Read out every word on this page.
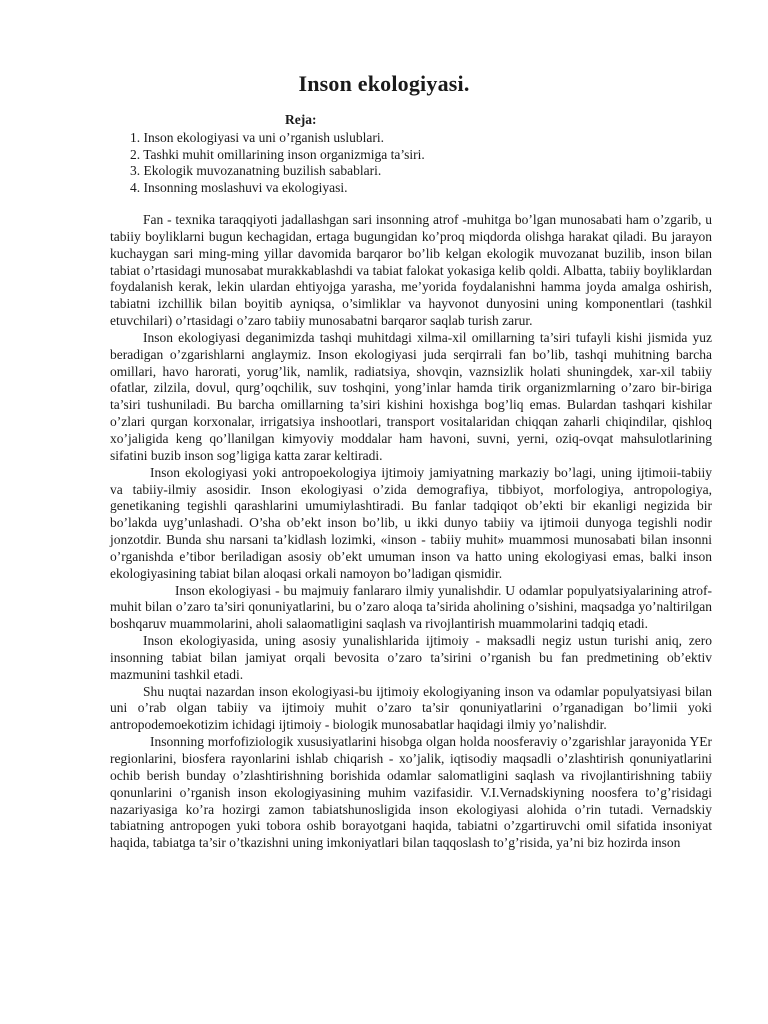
Inson ekologiyasi.
Reja:
1. Inson ekologiyasi va uni o’rganish uslublari.
2. Tashki muhit omillarining inson organizmiga ta’siri.
3. Ekologik muvozanatning buzilish sabablari.
4. Insonning moslashuvi va ekologiyasi.

Fan - texnika taraqqiyoti jadallashgan sari insonning atrof -muhitga bo’lgan munosabati ham o’zgarib, u tabiiy boyliklarni bugun kechagidan, ertaga bugungidan ko’proq miqdorda olishga harakat qiladi. Bu jarayon kuchaygan sari ming-ming yillar davomida barqaror bo’lib kelgan ekologik muvozanat buzilib, inson bilan tabiat o’rtasidagi munosabat murakkablashdi va tabiat falokat yokasiga kelib qoldi. Albatta, tabiiy boyliklardan foydalanish kerak, lekin ulardan ehtiyojga yarasha, me’yorida foydalanishni hamma joyda amalga oshirish, tabiatni izchillik bilan boyitib ayniqsa, o’simliklar va hayvonot dunyosini uning komponentlari (tashkil etuvchilari) o’rtasidagi o’zaro tabiiy munosabatni barqaror saqlab turish zarur.

Inson ekologiyasi deganimizda tashqi muhitdagi xilma-xil omillarning ta’siri tufayli kishi jismida yuz beradigan o’zgarishlarni anglaymiz. Inson ekologiyasi juda serqirrali fan bo’lib, tashqi muhitning barcha omillari, havo harorati, yorug’lik, namlik, radiatsiya, shovqin, vaznsizlik holati shuningdek, xar-xil tabiiy ofatlar, zilzila, dovul, qurg’oqchilik, suv toshqini, yong’inlar hamda tirik organizmlarning o’zaro bir-biriga ta’siri tushuniladi. Bu barcha omillarning ta’siri kishini hoxishga bog’liq emas. Bulardan tashqari kishilar o’zlari qurgan korxonalar, irrigatsiya inshootlari, transport vositalaridan chiqqan zaharli chiqindilar, qishloq xo’jaligida keng qo’llanilgan kimyoviy moddalar ham havoni, suvni, yerni, oziq-ovqat mahsulotlarining sifatini buzib inson sog’ligiga katta zarar keltiradi.

Inson ekologiyasi yoki antropoekologiya ijtimoiy jamiyatning markaziy bo’lagi, uning ijtimoii-tabiiy va tabiiy-ilmiy asosidir. Inson ekologiyasi o’zida demografiya, tibbiyot, morfologiya, antropologiya, genetikaning tegishli qarashlarini umumiylashtiradi. Bu fanlar tadqiqot ob’ekti bir ekanligi negizida bir bo’lakda uyg’unlashadi. O’sha ob’ekt inson bo’lib, u ikki dunyo tabiiy va ijtimoii dunyoga tegishli nodir jonzotdir. Bunda shu narsani ta’kidlash lozimki, «inson - tabiiy muhit» muammosi munosabati bilan insonni o’rganishda e’tibor beriladigan asosiy ob’ekt umuman inson va hatto uning ekologiyasi emas, balki inson ekologiyasining tabiat bilan aloqasi orkali namoyon bo’ladigan qismidir.

Inson ekologiyasi - bu majmuiy fanlararo ilmiy yunalishdir. U odamlar populyatsiyalarining atrof-muhit bilan o’zaro ta’siri qonuniyatlarini, bu o’zaro aloqa ta’sirida aholining o’sishini, maqsadga yo’naltirilgan boshqaruv muammolarini, aholi salaomatligini saqlash va rivojlantirish muammolarini tadqiq etadi.

Inson ekologiyasida, uning asosiy yunalishlarida ijtimoiy - maksadli negiz ustun turishi aniq, zero insonning tabiat bilan jamiyat orqali bevosita o’zaro ta’sirini o’rganish bu fan predmetining ob’ektiv mazmunini tashkil etadi.

Shu nuqtai nazardan inson ekologiyasi-bu ijtimoiy ekologiyaning inson va odamlar populyatsiyasi bilan uni o’rab olgan tabiiy va ijtimoiy muhit o’zaro ta’sir qonuniyatlarini o’rganadigan bo’limii yoki antropodemoekotizim ichidagi ijtimoiy - biologik munosabatlar haqidagi ilmiy yo’nalishdir.

Insonning morfofiziologik xususiyatlarini hisobga olgan holda noosferaviy o’zgarishlar jarayonida YEr regionlarini, biosfera rayonlarini ishlab chiqarish - xo’jalik, iqtisodiy maqsadli o’zlashtirish qonuniyatlarini ochib berish bunday o’zlashtirishning borishida odamlar salomatligini saqlash va rivojlantirishning tabiiy qonunlarini o’rganish inson ekologiyasining muhim vazifasidir. V.I.Vernadskiyning noosfera to’g’risidagi nazariyasiga ko’ra hozirgi zamon tabiatshunosligida inson ekologiyasi alohida o’rin tutadi. Vernadskiy tabiatning antropogen yuki tobora oshib borayotgani haqida, tabiatni o’zgartiruvchi omil sifatida insoniyat haqida, tabiatga ta’sir o’tkazishni uning imkoniyatlari bilan taqqoslash to’g’risida, ya’ni biz hozirda inson
